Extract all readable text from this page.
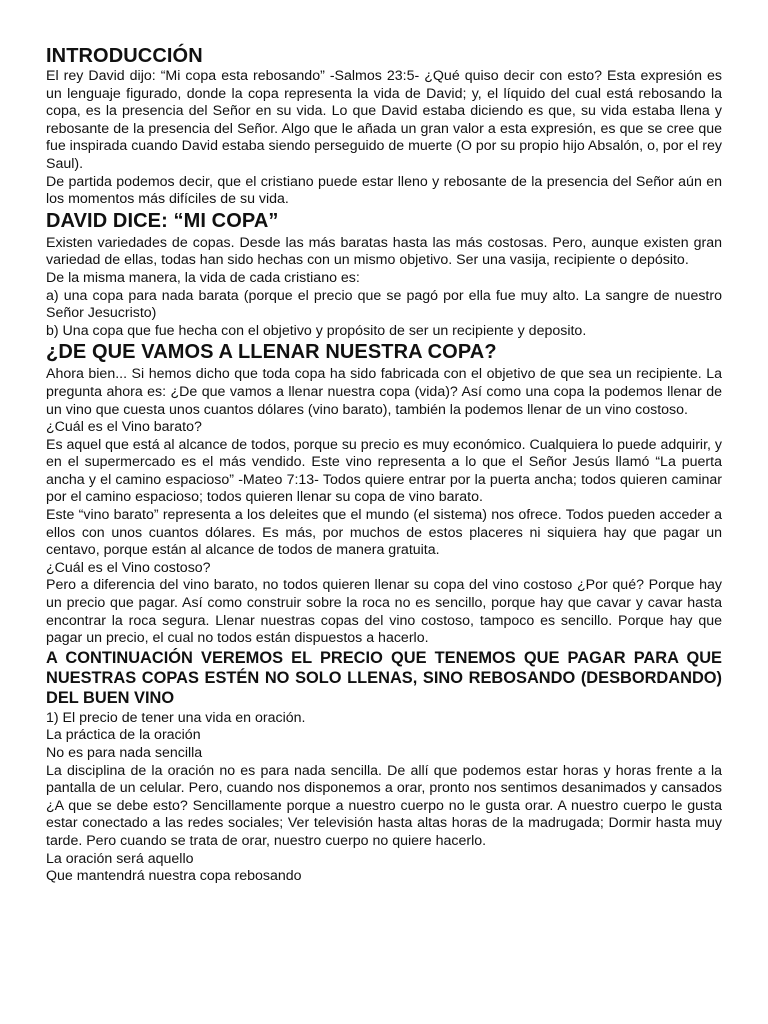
INTRODUCCIÓN

El rey David dijo: “Mi copa esta rebosando” -Salmos 23:5- ¿Qué quiso decir con esto? Esta expresión es un lenguaje figurado, donde la copa representa la vida de David; y, el líquido del cual está rebosando la copa, es la presencia del Señor en su vida. Lo que David estaba diciendo es que, su vida estaba llena y rebosante de la presencia del Señor. Algo que le añada un gran valor a esta expresión, es que se cree que fue inspirada cuando David estaba siendo perseguido de muerte (O por su propio hijo Absalón, o, por el rey Saul).

De partida podemos decir, que el cristiano puede estar lleno y rebosante de la presencia del Señor aún en los momentos más difíciles de su vida.

DAVID DICE: “MI COPA”

Existen variedades de copas. Desde las más baratas hasta las más costosas. Pero, aunque existen gran variedad de ellas, todas han sido hechas con un mismo objetivo. Ser una vasija, recipiente o depósito.

De la misma manera, la vida de cada cristiano es:

a) una copa para nada barata (porque el precio que se pagó por ella fue muy alto. La sangre de nuestro Señor Jesucristo)

b) Una copa que fue hecha con el objetivo y propósito de ser un recipiente y deposito.

¿DE QUE VAMOS A LLENAR NUESTRA COPA?

Ahora bien... Si hemos dicho que toda copa ha sido fabricada con el objetivo de que sea un recipiente. La pregunta ahora es: ¿De que vamos a llenar nuestra copa (vida)? Así como una copa la podemos llenar de un vino que cuesta unos cuantos dólares (vino barato), también la podemos llenar de un vino costoso.

¿Cuál es el Vino barato?

Es aquel que está al alcance de todos, porque su precio es muy económico. Cualquiera lo puede adquirir, y en el supermercado es el más vendido. Este vino representa a lo que el Señor Jesús llamó “La puerta ancha y el camino espacioso” -Mateo 7:13- Todos quiere entrar por la puerta ancha; todos quieren caminar por el camino espacioso; todos quieren llenar su copa de vino barato.

Este “vino barato” representa a los deleites que el mundo (el sistema) nos ofrece. Todos pueden acceder a ellos con unos cuantos dólares. Es más, por muchos de estos placeres ni siquiera hay que pagar un centavo, porque están al alcance de todos de manera gratuita.

¿Cuál es el Vino costoso?

Pero a diferencia del vino barato, no todos quieren llenar su copa del vino costoso ¿Por qué? Porque hay un precio que pagar. Así como construir sobre la roca no es sencillo, porque hay que cavar y cavar hasta encontrar la roca segura. Llenar nuestras copas del vino costoso, tampoco es sencillo. Porque hay que pagar un precio, el cual no todos están dispuestos a hacerlo.

A CONTINUACIÓN VEREMOS EL PRECIO QUE TENEMOS QUE PAGAR PARA QUE NUESTRAS COPAS ESTÉN NO SOLO LLENAS, SINO REBOSANDO (DESBORDANDO) DEL BUEN VINO

1) El precio de tener una vida en oración.

La práctica de la oración

No es para nada sencilla

La disciplina de la oración no es para nada sencilla. De allí que podemos estar horas y horas frente a la pantalla de un celular. Pero, cuando nos disponemos a orar, pronto nos sentimos desanimados y cansados ¿A que se debe esto? Sencillamente porque a nuestro cuerpo no le gusta orar. A nuestro cuerpo le gusta estar conectado a las redes sociales; Ver televisión hasta altas horas de la madrugada; Dormir hasta muy tarde. Pero cuando se trata de orar, nuestro cuerpo no quiere hacerlo.

La oración será aquello

Que mantendrá nuestra copa rebosando
